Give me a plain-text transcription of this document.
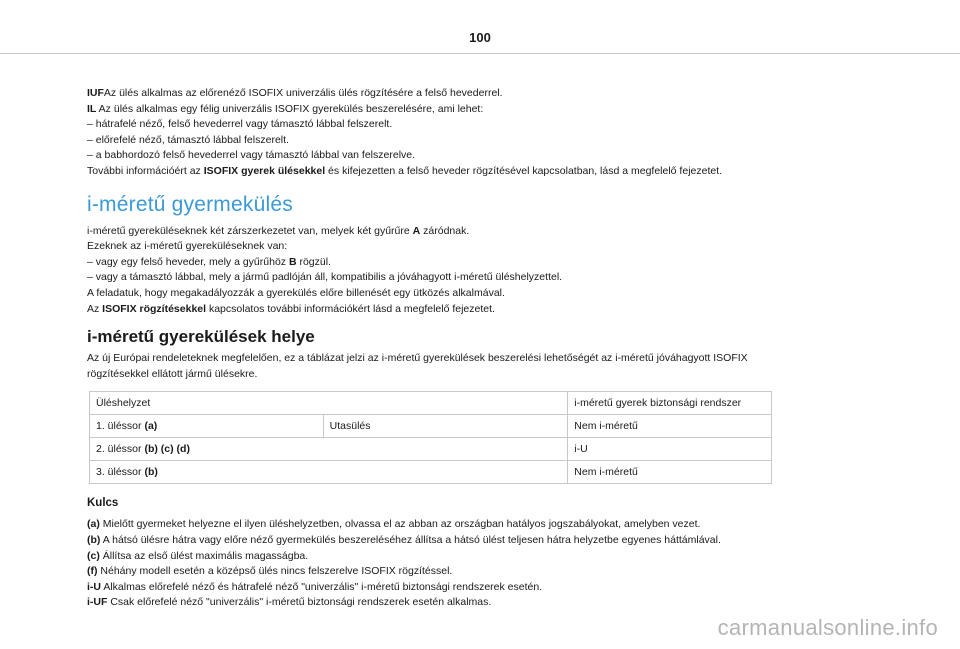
100
IUFAz ülés alkalmas az előrenéző ISOFIX univerzális ülés rögzítésére a felső hevederrel.
IL Az ülés alkalmas egy félig univerzális ISOFIX gyerekülés beszerelésére, ami lehet:
– hátrafelé néző, felső hevederrel vagy támasztó lábbal felszerelt.
– előrefelé néző, támasztó lábbal felszerelt.
– a babhordozó felső hevederrel vagy támasztó lábbal van felszerelve.
További információért az ISOFIX gyerek ülésekkel és kifejezetten a felső heveder rögzítésével kapcsolatban, lásd a megfelelő fejezetet.
i-méretű gyermekülés
i-méretű gyereküléseknek két zárszerkezetet van, melyek két gyűrűre A záródnak.
Ezeknek az i-méretű gyereküléseknek van:
– vagy egy felső heveder, mely a gyűrűhöz B rögzül.
– vagy a támasztó lábbal, mely a jármű padlóján áll, kompatibilis a jóváhagyott i-méretű üléshelyzettel.
A feladatuk, hogy megakadályozzák a gyerekülés előre billenését egy ütközés alkalmával.
Az ISOFIX rögzítésekkel kapcsolatos további információkért lásd a megfelelő fejezetet.
i-méretű gyerekülések helye
Az új Európai rendeleteknek megfelelően, ez a táblázat jelzi az i-méretű gyerekülések beszerelési lehetőségét az i-méretű jóváhagyott ISOFIX
rögzítésekkel ellátott jármű ülésekre.
Üléshelyzet		i-méretű gyerek biztonsági rendszer
1. üléssor (a)	Utasülés	Nem i-méretű
2. üléssor (b) (c) (d)		i-U
3. üléssor (b)		Nem i-méretű
Kulcs
(a) Mielőtt gyermeket helyezne el ilyen üléshelyzetben, olvassa el az abban az országban hatályos jogszabályokat, amelyben vezet.
(b) A hátsó ülésre hátra vagy előre néző gyermekülés beszereléséhez állítsa a hátsó ülést teljesen hátra helyzetbe egyenes háttámlával.
(c) Állítsa az első ülést maximális magasságba.
(f) Néhány modell esetén a középső ülés nincs felszerelve ISOFIX rögzítéssel.
i-U Alkalmas előrefelé néző és hátrafelé néző "univerzális" i-méretű biztonsági rendszerek esetén.
i-UF Csak előrefelé néző "univerzális" i-méretű biztonsági rendszerek esetén alkalmas.
carmanualsonline.info
